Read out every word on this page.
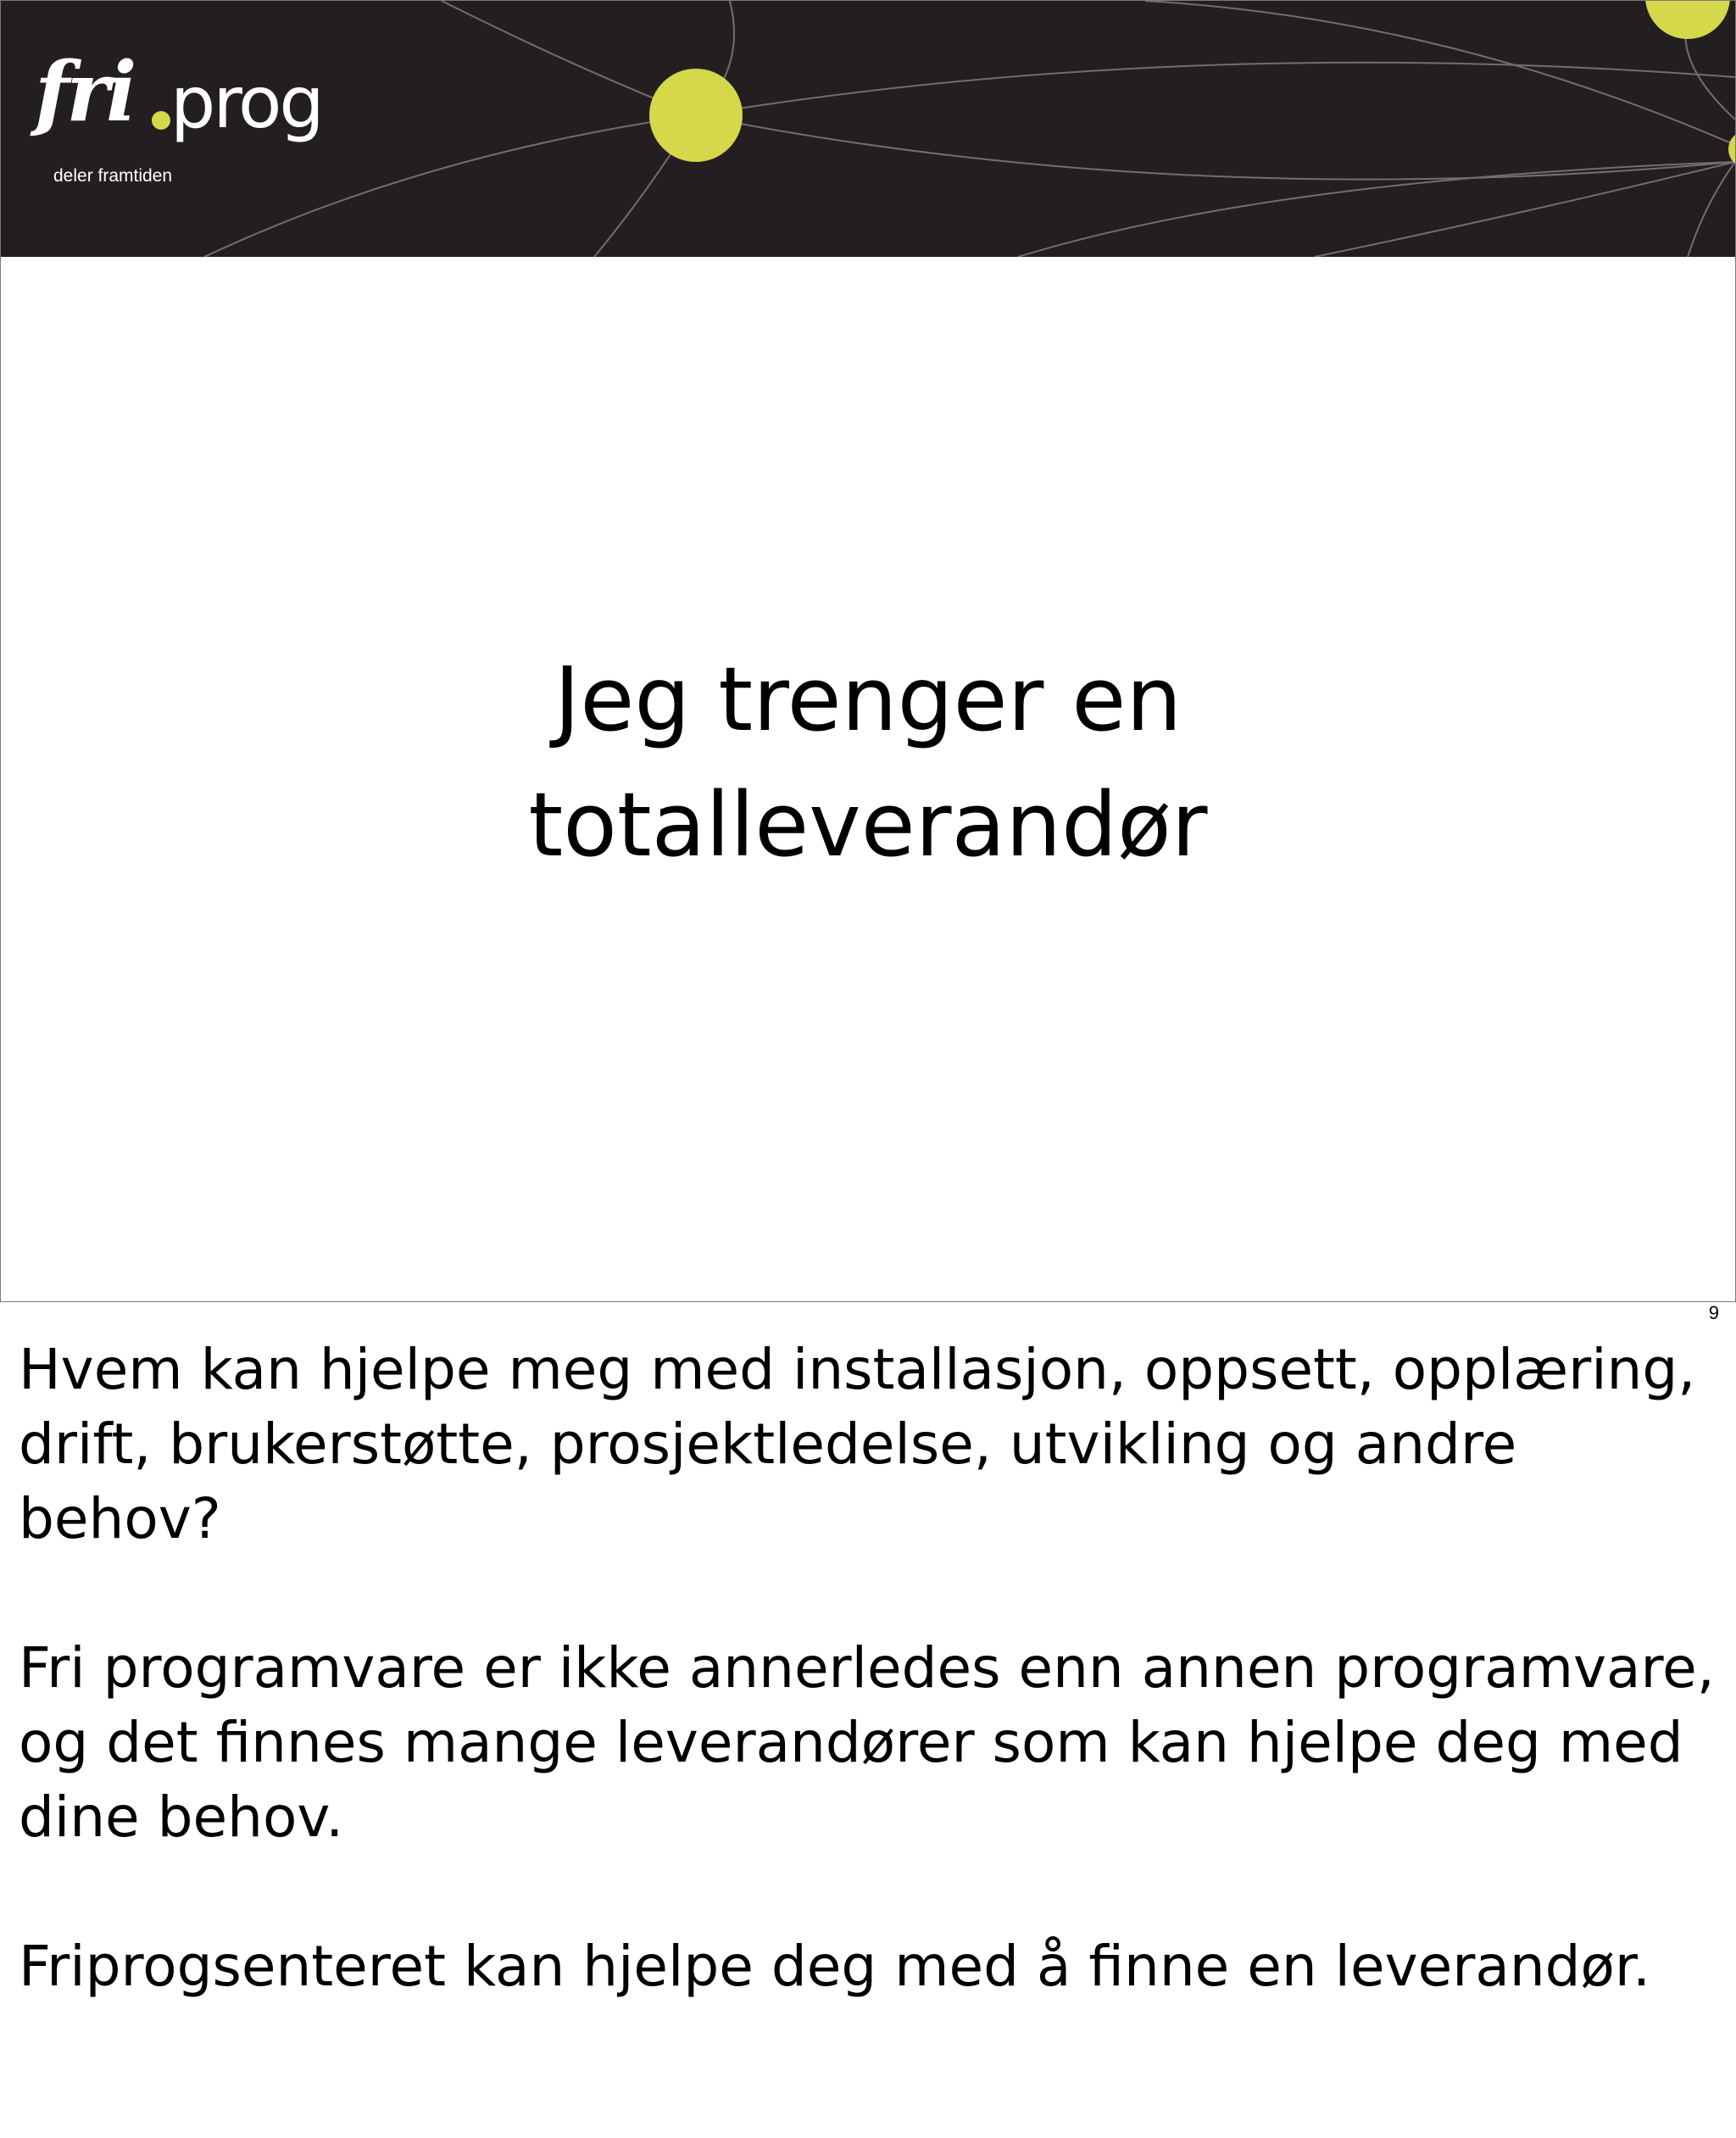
fri prog
deler framtiden
Jeg trenger en
totalleverandør
9

Hvem kan hjelpe meg med installasjon, oppsett, opplæring, drift, brukerstøtte, prosjektledelse, utvikling og andre behov?

Fri programvare er ikke annerledes enn annen programvare, og det finnes mange leverandører som kan hjelpe deg med dine behov.

Friprogsenteret kan hjelpe deg med å finne en leverandør.
